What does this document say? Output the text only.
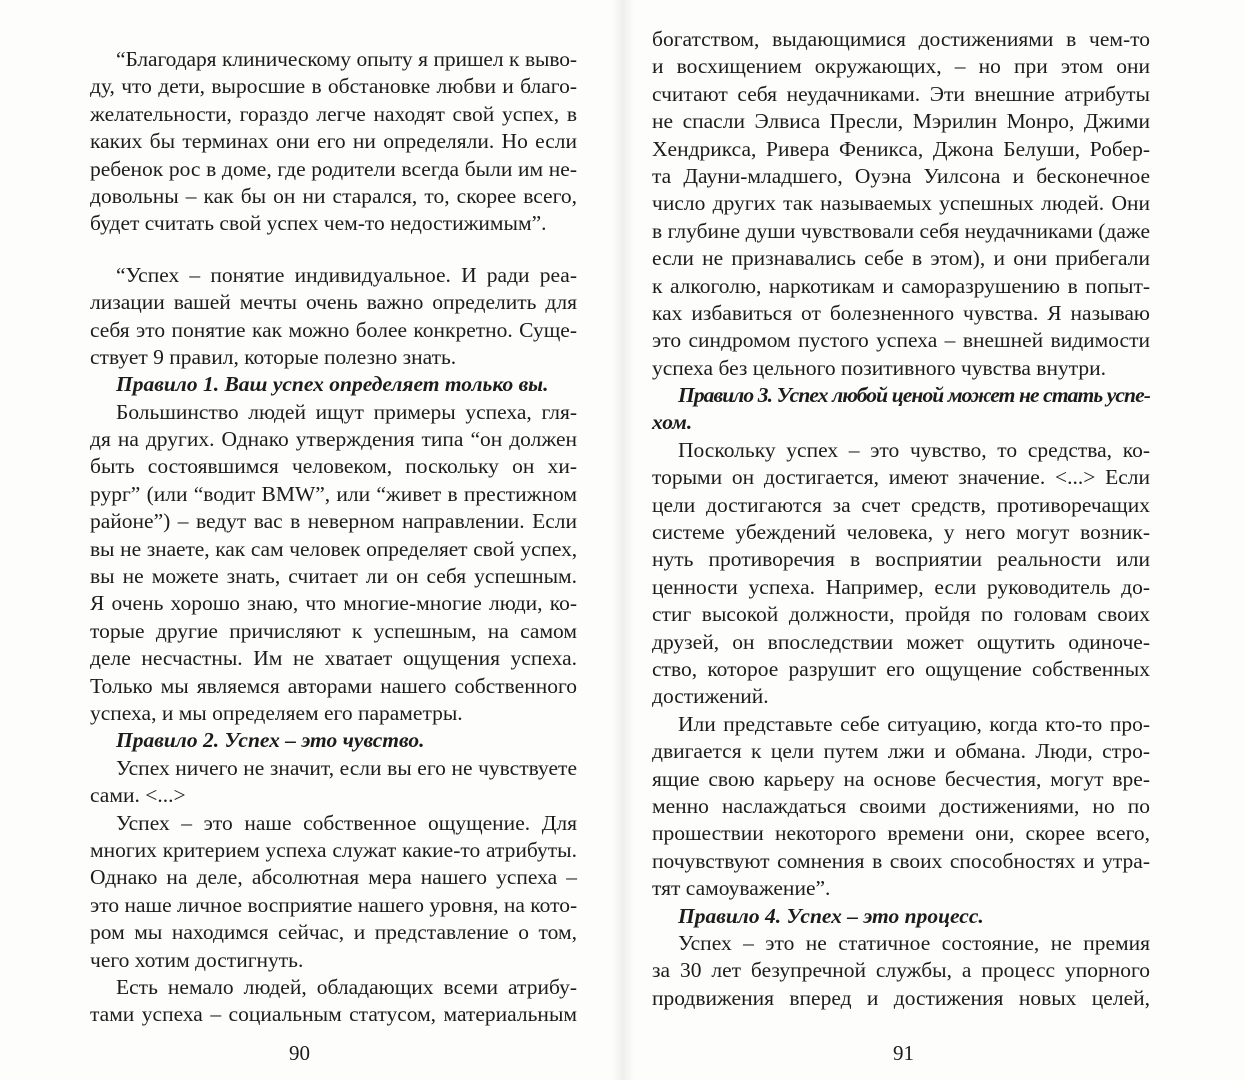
“Благодаря клиническому опыту я пришел к выво-
ду, что дети, выросшие в обстановке любви и благо-
желательности, гораздо легче находят свой успех, в
каких бы терминах они его ни определяли. Но если
ребенок рос в доме, где родители всегда были им не-
довольны – как бы он ни старался, то, скорее всего,
будет считать свой успех чем-то недостижимым”.
“Успех – понятие индивидуальное. И ради реа-
лизации вашей мечты очень важно определить для
себя это понятие как можно более конкретно. Суще-
ствует 9 правил, которые полезно знать.
Правило 1. Ваш успех определяет только вы.
Большинство людей ищут примеры успеха, гля-
дя на других. Однако утверждения типа “он должен
быть состоявшимся человеком, поскольку он хи-
рург” (или “водит BMW”, или “живет в престижном
районе”) – ведут вас в неверном направлении. Если
вы не знаете, как сам человек определяет свой успех,
вы не можете знать, считает ли он себя успешным.
Я очень хорошо знаю, что многие-многие люди, ко-
торые другие причисляют к успешным, на самом
деле несчастны. Им не хватает ощущения успеха.
Только мы являемся авторами нашего собственного
успеха, и мы определяем его параметры.
Правило 2. Успех – это чувство.
Успех ничего не значит, если вы его не чувствуете
сами. <...>
Успех – это наше собственное ощущение. Для
многих критерием успеха служат какие-то атрибуты.
Однако на деле, абсолютная мера нашего успеха –
это наше личное восприятие нашего уровня, на кото-
ром мы находимся сейчас, и представление о том,
чего хотим достигнуть.
Есть немало людей, обладающих всеми атрибу-
тами успеха – социальным статусом, материальным
богатством, выдающимися достижениями в чем-то
и восхищением окружающих, – но при этом они
считают себя неудачниками. Эти внешние атрибуты
не спасли Элвиса Пресли, Мэрилин Монро, Джими
Хендрикса, Ривера Феникса, Джона Белуши, Робер-
та Дауни-младшего, Оуэна Уилсона и бесконечное
число других так называемых успешных людей. Они
в глубине души чувствовали себя неудачниками (даже
если не признавались себе в этом), и они прибегали
к алкоголю, наркотикам и саморазрушению в попыт-
ках избавиться от болезненного чувства. Я называю
это синдромом пустого успеха – внешней видимости
успеха без цельного позитивного чувства внутри.
Правило 3. Успех любой ценой может не стать успе-
хом.
Поскольку успех – это чувство, то средства, ко-
торыми он достигается, имеют значение. <...> Если
цели достигаются за счет средств, противоречащих
системе убеждений человека, у него могут возник-
нуть противоречия в восприятии реальности или
ценности успеха. Например, если руководитель до-
стиг высокой должности, пройдя по головам своих
друзей, он впоследствии может ощутить одиноче-
ство, которое разрушит его ощущение собственных
достижений.
Или представьте себе ситуацию, когда кто-то про-
двигается к цели путем лжи и обмана. Люди, стро-
ящие свою карьеру на основе бесчестия, могут вре-
менно наслаждаться своими достижениями, но по
прошествии некоторого времени они, скорее всего,
почувствуют сомнения в своих способностях и утра-
тят самоуважение”.
Правило 4. Успех – это процесс.
Успех – это не статичное состояние, не премия
за 30 лет безупречной службы, а процесс упорного
продвижения вперед и достижения новых целей,
90	91
